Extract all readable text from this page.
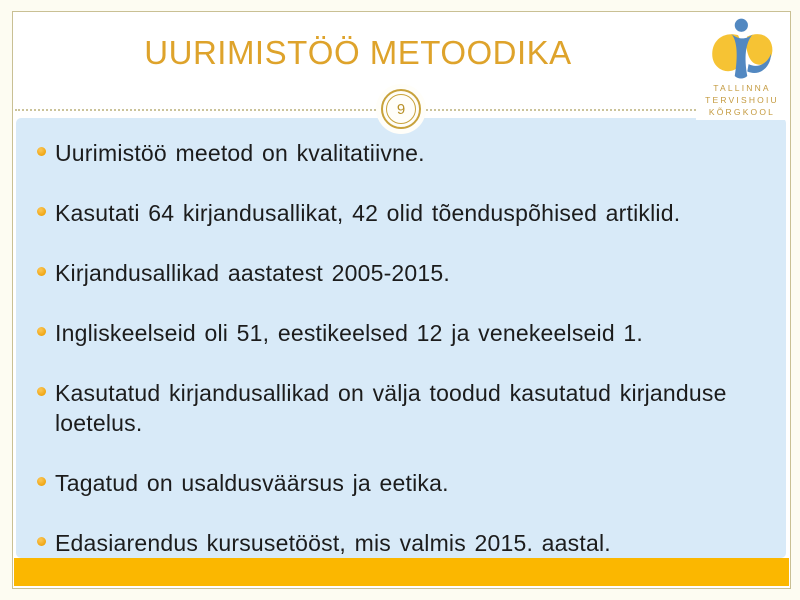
UURIMISTÖÖ METOODIKA
TALLINNA
TERVISHOIU
KÕRGKOOL
9
Uurimistöö meetod on kvalitatiivne.
Kasutati 64 kirjandusallikat, 42 olid tõenduspõhised artiklid.
Kirjandusallikad aastatest 2005-2015.
Ingliskeelseid oli 51, eestikeelsed 12 ja venekeelseid 1.
Kasutatud kirjandusallikad on välja toodud kasutatud kirjanduse loetelus.
Tagatud on usaldusväärsus ja eetika.
Edasiarendus kursusetööst, mis valmis 2015. aastal.
